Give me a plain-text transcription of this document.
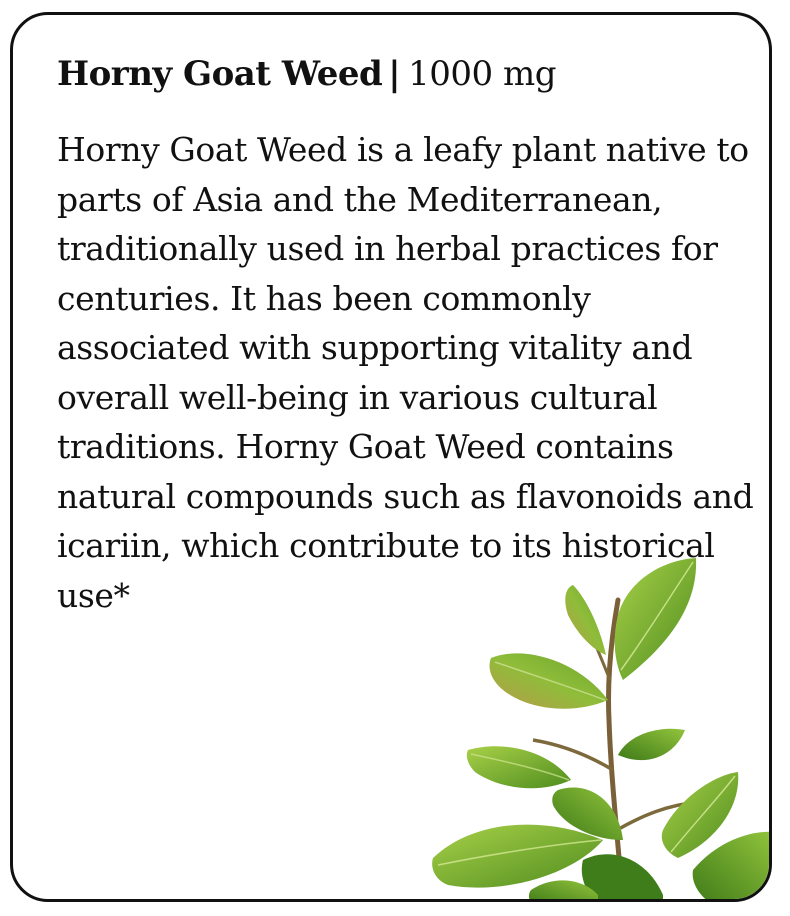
Horny Goat Weed | 1000 mg

Horny Goat Weed is a leafy plant native to parts of Asia and the Mediterranean, traditionally used in herbal practices for centuries. It has been commonly associated with supporting vitality and overall well-being in various cultural traditions. Horny Goat Weed contains natural compounds such as flavonoids and icariin, which contribute to its historical use*
